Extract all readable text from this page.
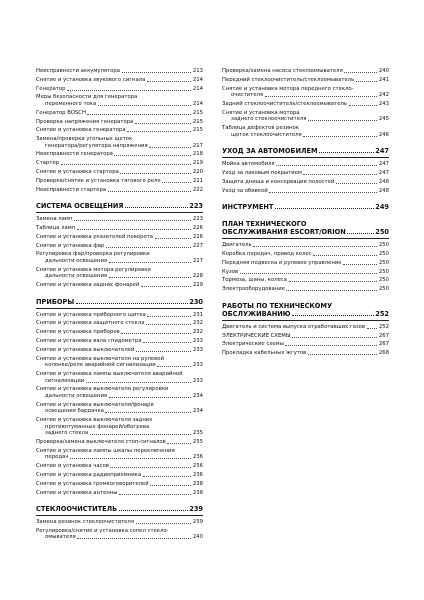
Неисправности аккумулятора	213
Снятие и установка звукового сигнала	214
Генератор	214
Меры безопасности для генератора
переменного тока	214
Генератор BOSCH	215
Проверка напряжения генератора	215
Снятие и установка генератора	215
Замена/проверка угольных щеток
генератора/регулятора напряжения	217
Неисправности генератора	218
Стартер	219
Снятие и установка стартера	220
Проверка/снятие и установка тягового реле	221
Неисправности стартера	222
СИСТЕМА ОСВЕЩЕНИЯ	223
Замена ламп	223
Таблица ламп	226
Снятие и установка указателей поворота	226
Снятие и установка фар	227
Регулировка фар/проверка регулировки
дальности освещения	227
Снятие и установка мотора регулировки
дальности освещения	228
Снятие и установка задних фонарей	229
ПРИБОРЫ	230
Снятие и установка приборного щитка	231
Снятие и установка защитного стекла	232
Снятие и установка приборов	232
Снятие и установка вала спидометра	233
Снятие и установка выключателей	233
Снятие и установка выключателя на рулевой
колонке/реле аварийной сигнализации	233
Снятие и установка лампы выключателя аварийной
сигнализации	233
Снятие и установка выключателя регулировки
дальности освещения	234
Снятие и установка выключателя/фонаря
освещения бардачка	234
Снятие и установка выключателя задних
противотуманных фонарей/обогрева
заднего стекла	235
Проверка/замена выключателя стоп-сигналов	235
Снятие и установка лампы шкалы переключения
передач	236
Снятие и установка часов	236
Снятие и установка радиоприемника	236
Снятие и установка громкоговорителей	238
Снятие и установка антенны	238
СТЕКЛООЧИСТИТЕЛЬ	239
Замена резинок стеклоочистителя	239
Регулировка/снятие и установка сопел стекло-
омывателя	240
Проверка/замена насоса стеклоомывателя	240
Передний стеклоочиститель/стеклоомыватель	241
Снятие и установка мотора переднего стекло-
очистителя	242
Задний стеклоочиститель/стеклоомыватель	243
Снятие и установка мотора
заднего стеклоочистителя	245
Таблица дефектов резинок
щеток стеклоочистителя	246
УХОД ЗА АВТОМОБИЛЕМ	247
Мойка автомобиля	247
Уход за лаковым покрытием	247
Защита днища и консервация полостей	248
Уход за обивкой	248
ИНСТРУМЕНТ	249
ПЛАН ТЕХНИЧЕСКОГО
ОБСЛУЖИВАНИЯ ESCORT/ORION	250
Двигатель	250
Коробка передач, привод колес	250
Передняя подвеска и рулевое управление	250
Кузов	250
Тормоза, шины, колеса	250
Электрооборудование	250
РАБОТЫ ПО ТЕХНИЧЕСКОМУ
ОБСЛУЖИВАНИЮ	252
Двигатель и система выпуска отработавших газов	252
ЭЛЕКТРИЧЕСКИЕ СХЕМЫ	267
Электрические схемы	267
Прокладка кабельных жгутов	268
